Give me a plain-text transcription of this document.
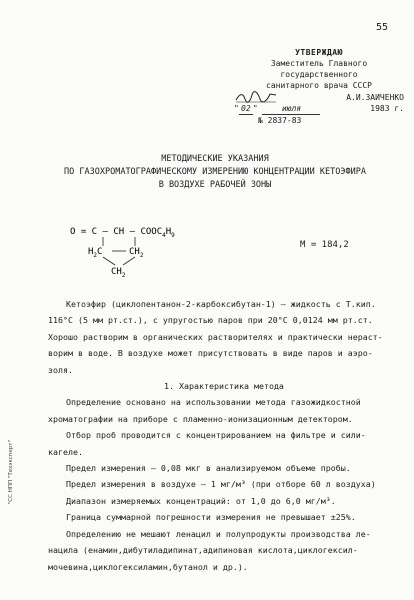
55
УТВЕРЖДАЮ
Заместитель Главного
государственного
санитарного врача СССР
А.И.ЗАИЧЕНКО
" 02 " июля	1983 г.
№ 2837-83
МЕТОДИЧЕСКИЕ УКАЗАНИЯ
ПО ГАЗОХРОМАТОГРАФИЧЕСКОМУ ИЗМЕРЕНИЮ КОНЦЕНТРАЦИИ КЕТОЭФИРА
В ВОЗДУХЕ РАБОЧЕЙ ЗОНЫ
O = C – CH – $COOC_4H_9$
$H_2C$	$CH_2$
$CH_2$
М = 184,2

Кетоэфир (циклопентанон-2-карбоксибутан-1) – жидкость с Т.кип.

116°С (5 мм рт.ст.), с упругостью паров при 20°С 0,0124 мм рт.ст.

Хорошо растворим в органических растворителях и практически нераст-

ворим в воде. В воздухе может присутствовать в виде паров и аэро-

золя.

1. Характеристика метода

Определение основано на использовании метода газожидкостной

хроматографии на приборе с пламенно-ионизационным детектором.

Отбор проб проводится с концентрированием на фильтре и сили-

кагеле.

Предел измерения – 0,08 мкг в анализируемом объеме пробы.

Предел измерения в воздухе – 1 мг/м³ (при отборе 60 л воздуха)

Диапазон измеряемых концентраций: от 1,0 до 6,0 мг/м³.

Граница суммарной погрешности измерения не превышает ±25%.

Определению не мешают ленацил и полупродукты производства ле-

нацила (енамин,дибутиладипинат,адипиновая кислота,циклогексил-

мочевина,циклогексиламин,бутанол и др.).

"СС НПП "Техэксперт"
